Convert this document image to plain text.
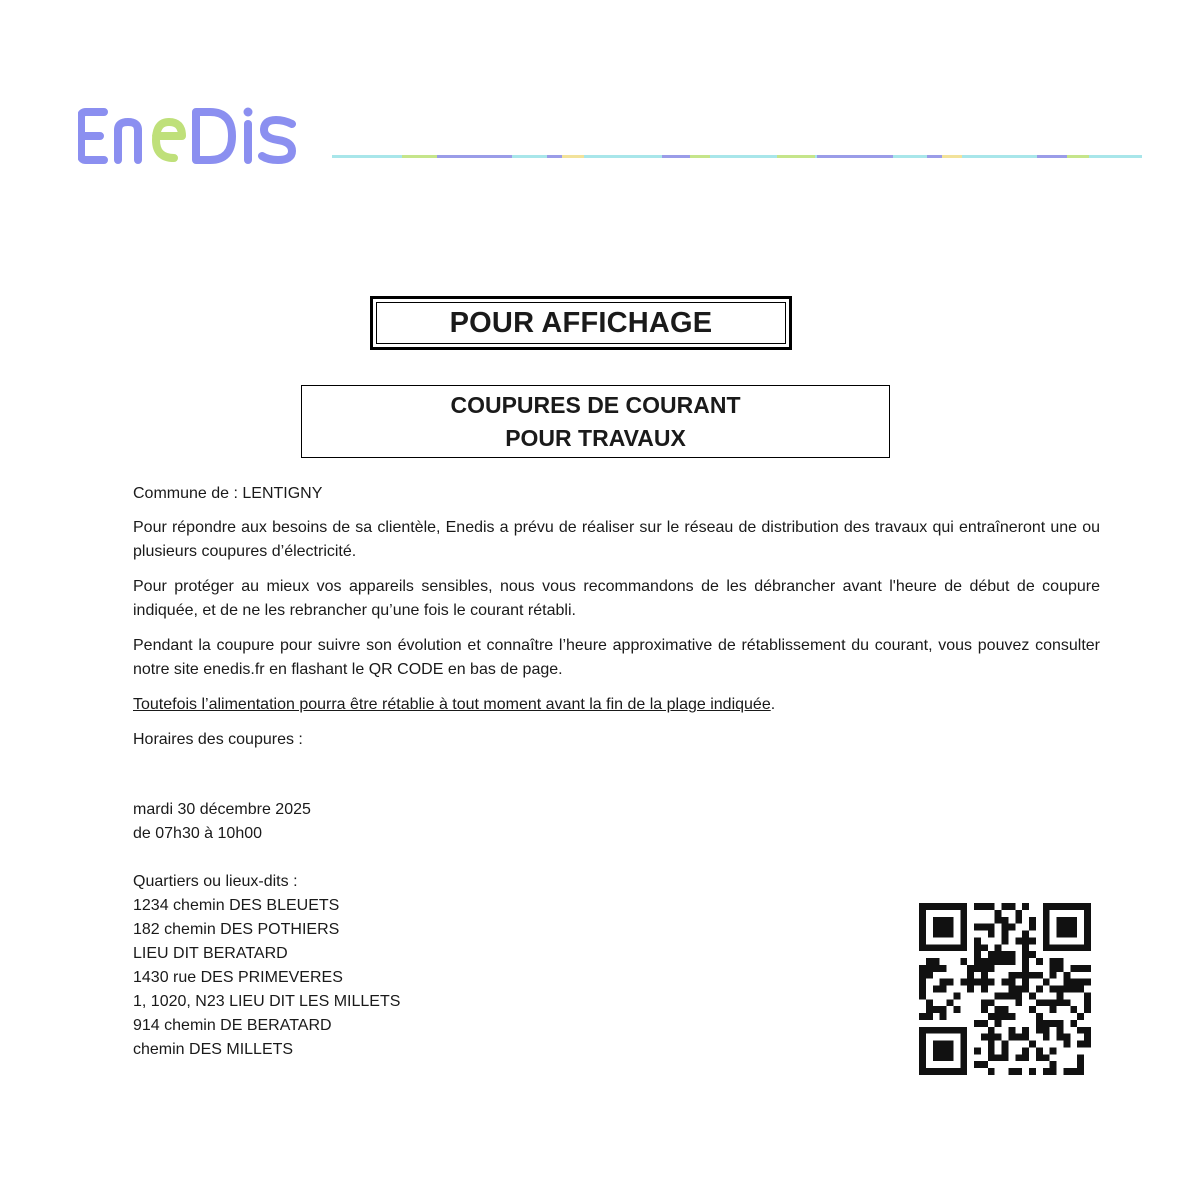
POUR AFFICHAGE
COUPURES DE COURANT
POUR TRAVAUX

Commune de : LENTIGNY

Pour répondre aux besoins de sa clientèle, Enedis a prévu de réaliser sur le réseau de distribution des travaux qui entraîneront une ou plusieurs coupures d’électricité.

Pour protéger au mieux vos appareils sensibles, nous vous recommandons de les débrancher avant l'heure de début de coupure indiquée, et de ne les rebrancher qu’une fois le courant rétabli.

Pendant la coupure pour suivre son évolution et connaître l’heure approximative de rétablissement du courant, vous pouvez consulter notre site enedis.fr en flashant le QR CODE en bas de page.

Toutefois l’alimentation pourra être rétablie à tout moment avant la fin de la plage indiquée.

Horaires des coupures :

mardi 30 décembre 2025

de 07h30 à 10h00

Quartiers ou lieux-dits :

1234 chemin DES BLEUETS
182 chemin DES POTHIERS
LIEU DIT BERATARD
1430 rue DES PRIMEVERES
1, 1020, N23 LIEU DIT LES MILLETS
914 chemin DE BERATARD
chemin DES MILLETS
